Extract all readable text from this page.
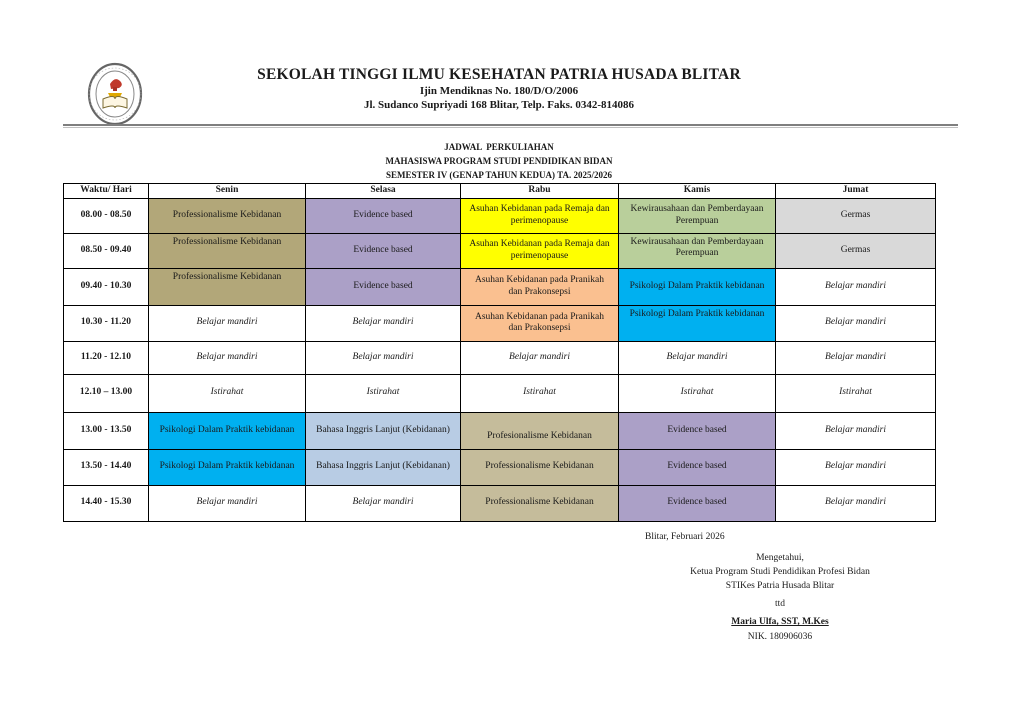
SEKOLAH TINGGI ILMU KESEHATAN PATRIA HUSADA BLITAR
Ijin Mendiknas No. 180/D/O/2006
Jl. Sudanco Supriyadi 168 Blitar, Telp. Faks. 0342-814086
JADWAL  PERKULIAHAN
MAHASISWA PROGRAM STUDI PENDIDIKAN BIDAN
SEMESTER IV (GENAP TAHUN KEDUA) TA. 2025/2026
Waktu/ Hari	Senin	Selasa	Rabu	Kamis	Jumat
08.00 - 08.50	Professionalisme Kebidanan	Evidence based	Asuhan Kebidanan pada Remaja dan perimenopause	Kewirausahaan dan Pemberdayaan Perempuan	Germas
08.50 - 09.40	Professionalisme Kebidanan	Evidence based	Asuhan Kebidanan pada Remaja dan perimenopause	Kewirausahaan dan Pemberdayaan Perempuan	Germas
09.40 - 10.30	Professionalisme Kebidanan	Evidence based	Asuhan Kebidanan pada Pranikah dan Prakonsepsi	Psikologi Dalam Praktik kebidanan	Belajar mandiri
10.30 - 11.20	Belajar mandiri	Belajar mandiri	Asuhan Kebidanan pada Pranikah dan Prakonsepsi	Psikologi Dalam Praktik kebidanan	Belajar mandiri
11.20 - 12.10	Belajar mandiri	Belajar mandiri	Belajar mandiri	Belajar mandiri	Belajar mandiri
12.10 – 13.00	Istirahat	Istirahat	Istirahat	Istirahat	Istirahat
13.00 - 13.50	Psikologi Dalam Praktik kebidanan	Bahasa Inggris Lanjut (Kebidanan)	Profesionalisme Kebidanan	Evidence based	Belajar mandiri
13.50 - 14.40	Psikologi Dalam Praktik kebidanan	Bahasa Inggris Lanjut (Kebidanan)	Professionalisme Kebidanan	Evidence based	Belajar mandiri
14.40 - 15.30	Belajar mandiri	Belajar mandiri	Professionalisme Kebidanan	Evidence based	Belajar mandiri
Blitar, Februari 2026
Mengetahui,
Ketua Program Studi Pendidikan Profesi Bidan
STIKes Patria Husada Blitar
ttd
Maria Ulfa, SST, M.Kes
NIK. 180906036
